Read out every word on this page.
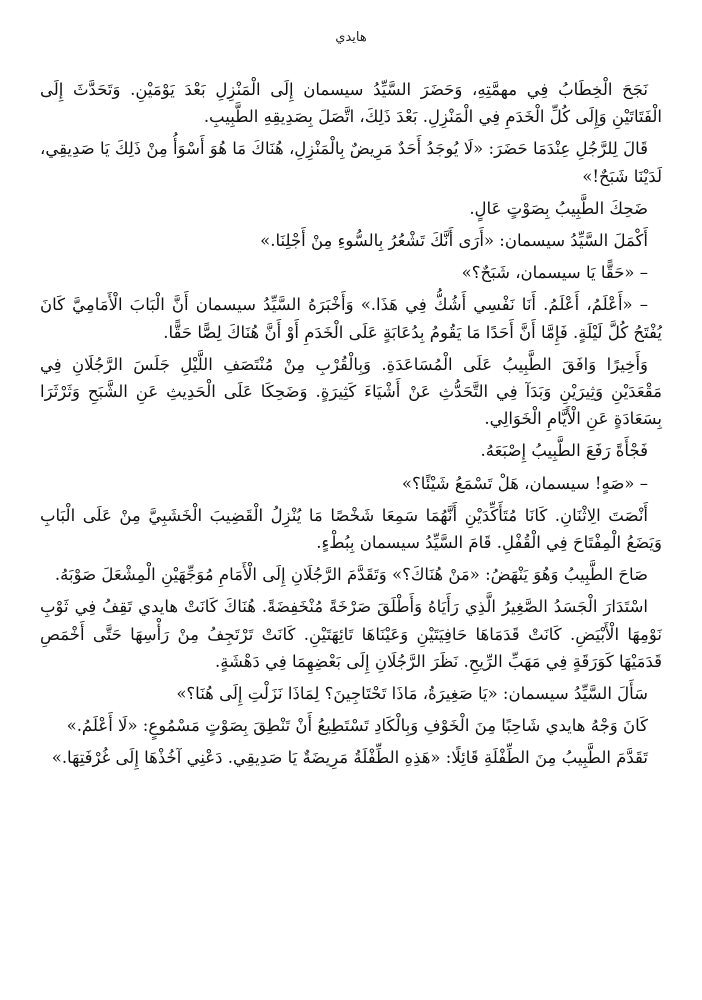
هايدي

نَجَحَ الْخِطَابُ فِي مهمَّتِهِ، وَحَضَرَ السَّيِّدُ سيسمان إِلَى الْمَنْزِلِ بَعْدَ يَوْمَيْنِ. وَتَحَدَّثَ إِلَى الْفَتَاتَيْنِ وَإِلَى كُلِّ الْخَدَمِ فِي الْمَنْزِلِ. بَعْدَ ذَلِكَ، اتَّصَلَ بِصَدِيقِهِ الطَّبِيبِ.

قَالَ لِلرَّجُلِ عِنْدَمَا حَضَرَ: «لَا يُوجَدُ أَحَدٌ مَرِيضٌ بِالْمَنْزِلِ، هُنَاكَ مَا هُوَ أَسْوَأُ مِنْ ذَلِكَ يَا صَدِيقِي، لَدَيْنَا شَبَحٌ!»

ضَحِكَ الطَّبِيبُ بِصَوْتٍ عَالٍ.

أَكْمَلَ السَّيِّدُ سيسمان: «أَرَى أَنَّكَ تَشْعُرُ بِالسُّوءِ مِنْ أَجْلِنَا.»

– «حَقًّا يَا سيسمان، شَبَحٌ؟»

– «أَعْلَمُ، أَعْلَمُ. أَنَا نَفْسِي أَشُكُّ فِي هَذَا.» وَأَخْبَرَهُ السَّيِّدُ سيسمان أَنَّ الْبَابَ الْأَمَامِيَّ كَانَ يُفْتَحُ كُلَّ لَيْلَةٍ. فَإِمَّا أَنَّ أَحَدًا مَا يَقُومُ بِدُعَابَةٍ عَلَى الْخَدَمِ أَوْ أَنَّ هُنَاكَ لِصًّا حَقًّا.

وَأَخِيرًا وَافَقَ الطَّبِيبُ عَلَى الْمُسَاعَدَةِ. وَبِالْقُرْبِ مِنْ مُنْتَصَفِ اللَّيْلِ جَلَسَ الرَّجُلَانِ فِي مَقْعَدَيْنِ وَثِيرَيْنِ وَبَدَآ فِي التَّحَدُّثِ عَنْ أَشْيَاءَ كَثِيرَةٍ. وَضَحِكَا عَلَى الْحَدِيثِ عَنِ الشَّبَحِ وَثَرْثَرَا بِسَعَادَةٍ عَنِ الْأَيَّامِ الْخَوَالِي.

فَجْأَةً رَفَعَ الطَّبِيبُ إِصْبَعَهُ.

– «صَهٍ! سيسمان، هَلْ تَسْمَعُ شَيْئًا؟»

أَنْصَتَ الِاثْنَانِ. كَانَا مُتَأَكِّدَيْنِ أَنَّهُمَا سَمِعَا شَخْصًا مَا يُنْزِلُ الْقَضِيبَ الْخَشَبِيَّ مِنْ عَلَى الْبَابِ وَيَضَعُ الْمِفْتَاحَ فِي الْقُفْلِ. قَامَ السَّيِّدُ سيسمان بِبُطْءٍ.

صَاحَ الطَّبِيبُ وَهُوَ يَنْهَضُ: «مَنْ هُنَاكَ؟» وَتَقَدَّمَ الرَّجُلَانِ إِلَى الْأَمَامِ مُوَجِّهَيْنِ الْمِشْعَلَ صَوْبَهُ.

اسْتَدَارَ الْجَسَدُ الصَّغِيرُ الَّذِي رَأَيَاهُ وَأَطْلَقَ صَرْخَةً مُنْخَفِضَةً. هُنَاكَ كَانَتْ هايدي تَقِفُ فِي ثَوْبِ نَوْمِهَا الْأَبْيَضِ. كَانَتْ قَدَمَاهَا حَافِيَتَيْنِ وَعَيْنَاهَا تَائِهَتَيْنِ. كَانَتْ تَرْتَجِفُ مِنْ رَأْسِهَا حَتَّى أَخْمَصِ قَدَمَيْهَا كَوَرَقَةٍ فِي مَهَبِّ الرِّيحِ. نَظَرَ الرَّجُلَانِ إِلَى بَعْضِهِمَا فِي دَهْشَةٍ.

سَأَلَ السَّيِّدُ سيسمان: «يَا صَغِيرَةُ، مَاذَا تَحْتَاجِينَ؟ لِمَاذَا نَزَلْتِ إِلَى هُنَا؟»

كَانَ وَجْهُ هايدي شَاحِبًا مِنَ الْخَوْفِ وَبِالْكَادِ تَسْتَطِيعُ أَنْ تَنْطِقَ بِصَوْتٍ مَسْمُوعٍ: «لَا أَعْلَمُ.»

تَقَدَّمَ الطَّبِيبُ مِنَ الطِّفْلَةِ قَائِلًا: «هَذِهِ الطِّفْلَةُ مَرِيضَةٌ يَا صَدِيقِي. دَعْنِي آخُذْهَا إِلَى غُرْفَتِهَا.»
